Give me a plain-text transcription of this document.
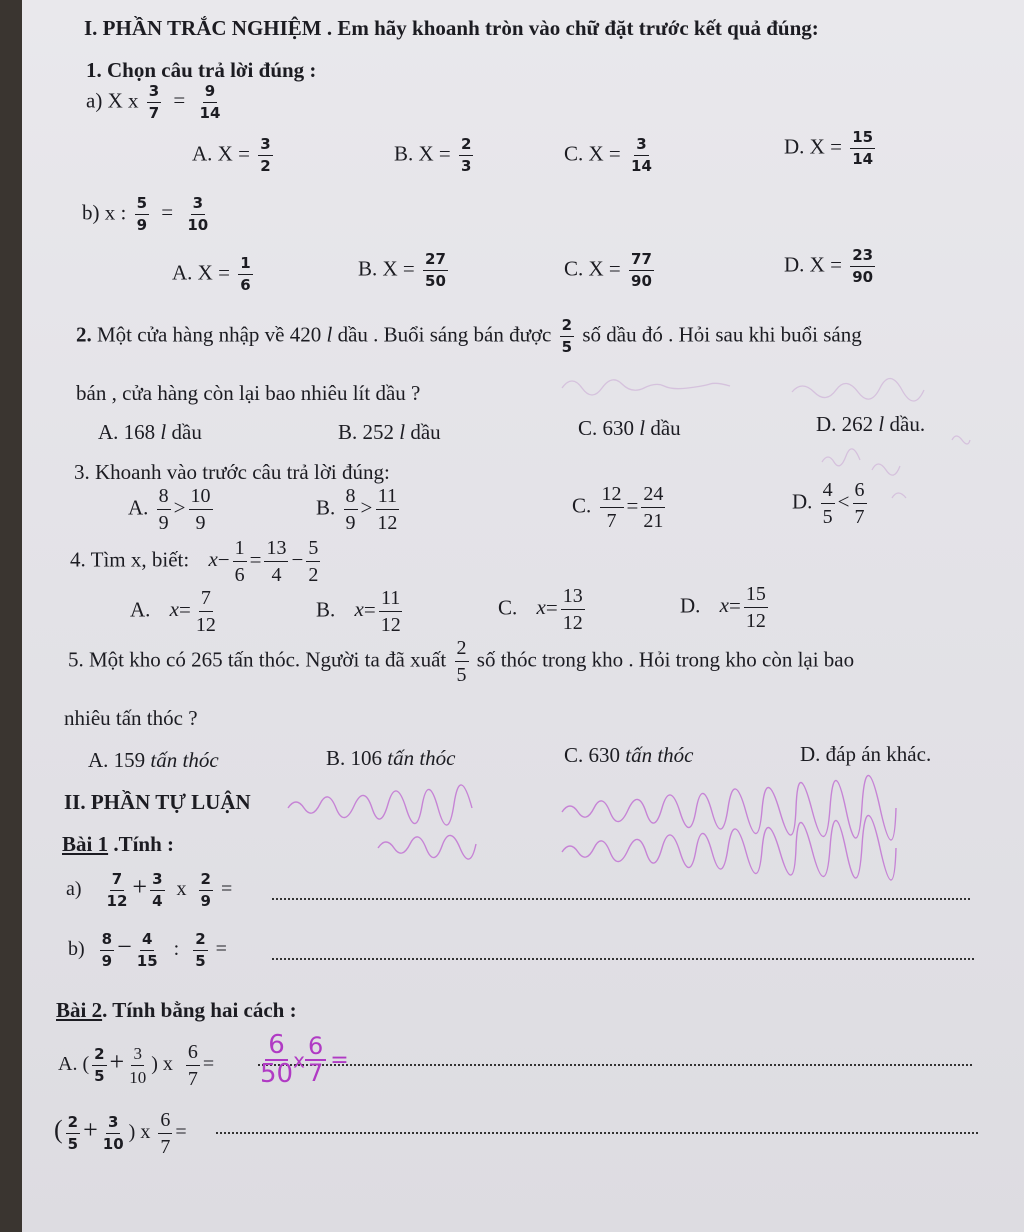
I. PHẦN TRẮC NGHIỆM . Em hãy khoanh tròn vào chữ đặt trước kết quả đúng:
1. Chọn câu trả lời đúng :
a) X x $\frac{3}{7} = \frac{9}{14}$
A. $X = \frac{3}{2}$	B. $X = \frac{2}{3}$	C. $X = \frac{3}{14}$	D. $X = \frac{15}{14}$
b) x : $\frac{5}{9} = \frac{3}{10}$
A. $X = \frac{1}{6}$	B. $X = \frac{27}{50}$	C. $X = \frac{77}{90}$	D. $X = \frac{23}{90}$
2. Một cửa hàng nhập về 420 l dầu . Buổi sáng bán được $\frac{2}{5}$ số dầu đó . Hỏi sau khi buổi sáng
bán , cửa hàng còn lại bao nhiêu lít dầu ?
A. 168 l dầu	B. 252 l dầu	C. 630 l dầu	D. 262 l dầu.
3. Khoanh vào trước câu trả lời đúng:
A. $\frac{8}{9} > \frac{10}{9}$	B. $\frac{8}{9} > \frac{11}{12}$	C. $\frac{12}{7} = \frac{24}{21}$	D. $\frac{4}{5} < \frac{6}{7}$
4. Tìm x, biết: $x- \frac{1}{6} = \frac{13}{4} - \frac{5}{2}$
A. $x= \frac{7}{12}$	B. $x= \frac{11}{12}$	C. $x= \frac{13}{12}$	D. $x= \frac{15}{12}$
5. Một kho có 265 tấn thóc. Người ta đã xuất $\frac{2}{5}$ số thóc trong kho . Hỏi trong kho còn lại bao
nhiêu tấn thóc ?
A. 159 tấn thóc	B. 106 tấn thóc	C. 630 tấn thóc	D. đáp án khác.
II. PHẦN TỰ LUẬN
Bài 1 .Tính :
$a) \frac{7}{12} + \frac{3}{4}$ x $\frac{2}{9}$ =
$b) \frac{8}{9} - \frac{4}{15}$ : $\frac{2}{5}$ =
Bài 2. Tính bằng hai cách :
A. ( $\frac{2}{5} + \frac{3}{10}$ ) x $\frac{6}{7}$ =
( $\frac{2}{5} + \frac{3}{10}$ ) x $\frac{6}{7}$ =
$\frac{6}{50}$ x $\frac{6}{7}$ =
